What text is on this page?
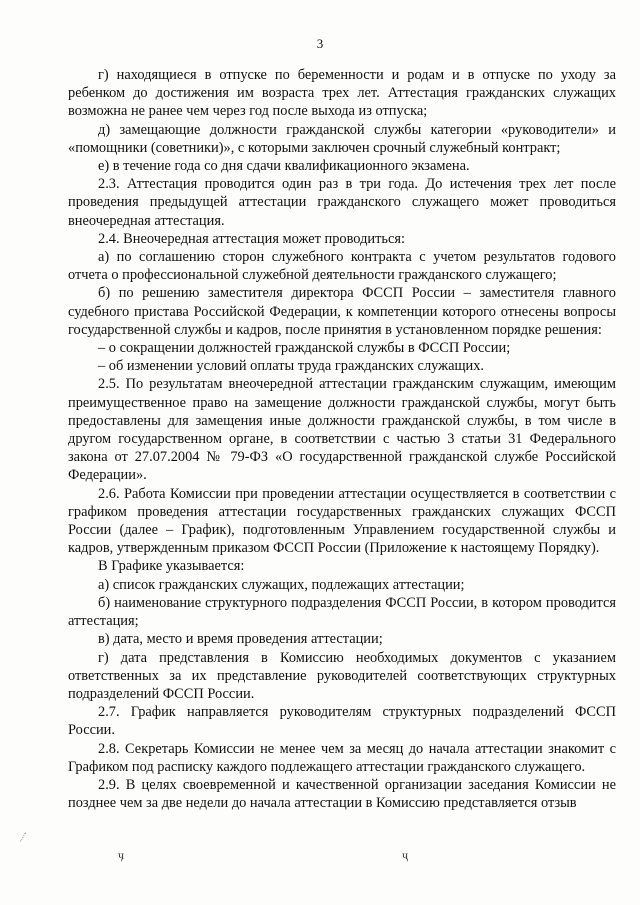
3

г) находящиеся в отпуске по беременности и родам и в отпуске по уходу за ребенком до достижения им возраста трех лет. Аттестация гражданских служащих возможна не ранее чем через год после выхода из отпуска;

д) замещающие должности гражданской службы категории «руководители» и «помощники (советники)», с которыми заключен срочный служебный контракт;

е) в течение года со дня сдачи квалификационного экзамена.

2.3. Аттестация проводится один раз в три года. До истечения трех лет после проведения предыдущей аттестации гражданского служащего может проводиться внеочередная аттестация.

2.4. Внеочередная аттестация может проводиться:

а) по соглашению сторон служебного контракта с учетом результатов годового отчета о профессиональной служебной деятельности гражданского служащего;

б) по решению заместителя директора ФССП России – заместителя главного судебного пристава Российской Федерации, к компетенции которого отнесены вопросы государственной службы и кадров, после принятия в установленном порядке решения:

– о сокращении должностей гражданской службы в ФССП России;

– об изменении условий оплаты труда гражданских служащих.

2.5. По результатам внеочередной аттестации гражданским служащим, имеющим преимущественное право на замещение должности гражданской службы, могут быть предоставлены для замещения иные должности гражданской службы, в том числе в другом государственном органе, в соответствии с частью 3 статьи 31 Федерального закона от 27.07.2004 № 79-ФЗ «О государственной гражданской службе Российской Федерации».

2.6. Работа Комиссии при проведении аттестации осуществляется в соответствии с графиком проведения аттестации государственных гражданских служащих ФССП России (далее – График), подготовленным Управлением государственной службы и кадров, утвержденным приказом ФССП России (Приложение к настоящему Порядку).

В Графике указывается:

а) список гражданских служащих, подлежащих аттестации;

б) наименование структурного подразделения ФССП России, в котором проводится аттестация;

в) дата, место и время проведения аттестации;

г) дата представления в Комиссию необходимых документов с указанием ответственных за их представление руководителей соответствующих структурных подразделений ФССП России.

2.7. График направляется руководителям структурных подразделений ФССП России.

2.8. Секретарь Комиссии не менее чем за месяц до начала аттестации знакомит с Графиком под расписку каждого подлежащего аттестации гражданского служащего.

2.9. В целях своевременной и качественной организации заседания Комиссии не позднее чем за две недели до начала аттестации в Комиссию представляется отзыв

ӌ	ҷ
